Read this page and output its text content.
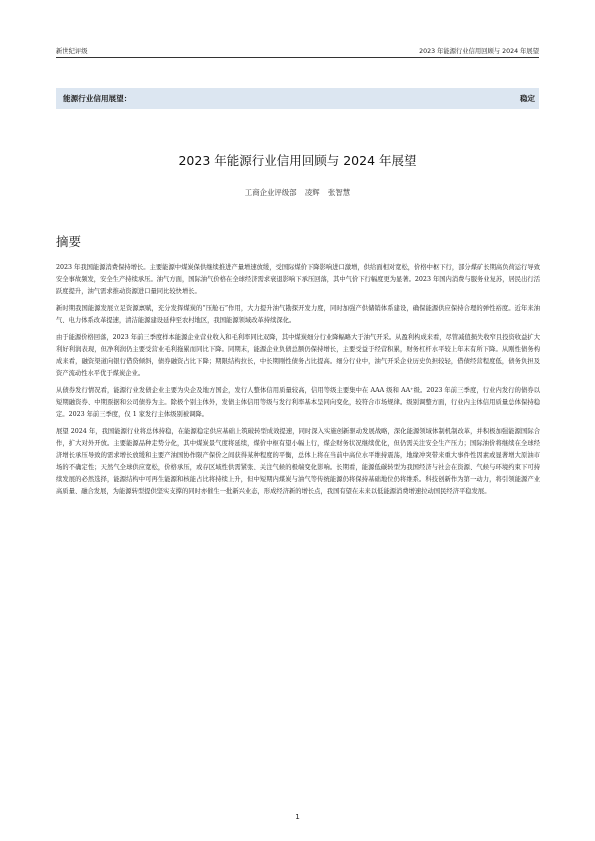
新世纪评级	2023 年能源行业信用回顾与 2024 年展望
能源行业信用展望：	稳定
2023 年能源行业信用回顾与 2024 年展望
工商企业评级部 凌辉 张智慧
摘要

2023 年我国能源消费保持增长。主要能源中煤炭保供继续推进产量增速放缓，受国际煤价下降影响进口激增，供给面相对宽松，价格中枢下行，部分煤矿长期高负荷运行导致安全事故频发，安全生产持续承压。油气方面，国际油气价格在全球经济需求衰退影响下承压回落，其中气价下行幅度更为显著。2023 年国内消费与服务业复苏，居民出行活跃度提升，油气需求推动资源进口量同比较快增长。

新时期我国能源发展立足资源禀赋，充分发挥煤炭的“压舱石”作用，大力提升油气勘探开发力度，同时加强产供储销体系建设，确保能源供应保持合理的弹性裕度。近年来油气、电力体系改革提速，清洁能源建设延伸至农村地区，我国能源领域改革持续深化。

由于能源价格回落，2023 年前三季度样本能源企业营业收入和毛利率同比双降，其中煤炭细分行业降幅略大于油气开采。从盈利构成来看，尽管减值损失收窄且投资收益扩大利好利润表现，但净利润仍主要受营业毛利拖累而同比下降。同期末，能源企业负债总额仍保持增长，主要受益于经营积累，财务杠杆水平较上年末有所下降。从刚性债务构成来看，融资渠道向银行借贷倾斜，债券融资占比下降；期限结构拉长，中长期刚性债务占比提高。细分行业中，油气开采企业历史负担较轻，借债经营程度低，债务负担及资产流动性水平优于煤炭企业。

从债券发行情况看，能源行业发债企业主要为央企及地方国企，发行人整体信用质量较高，信用等级主要集中在 AAA 级和 AA⁺级。2023 年前三季度，行业内发行的债券以短期融资券、中期票据和公司债券为主。除极个别主体外，发债主体信用等级与发行利率基本呈同向变化，较符合市场规律。级别调整方面，行业内主体信用质量总体保持稳定。2023 年前三季度，仅 1 家发行主体级别被调降。

展望 2024 年，我国能源行业将总体持稳，在能源稳定供应基础上筑破转型成效提速，同时深入实施创新驱动发展战略，深化能源领域体制机制改革，并积极加强能源国际合作，扩大对外开放。主要能源品种走势分化，其中煤炭景气度将延续，煤价中枢有望小幅上行，煤企财务状况继续优化，但仍需关注安全生产压力；国际油价将继续在全球经济增长承压导致的需求增长放缓和主要产油国协作限产保价之间获得某种程度的平衡，总体上将在当前中高位水平维持震荡，地缘冲突带来重大事件性因素或显著增大原油市场的不确定性；天然气全球供应宽松，价格承压，或存区域性供需紧张、关注气候的极端变化影响。长期看，能源低碳转型为我国经济与社会在资源、气候与环境约束下可持续发展的必然选择，能源结构中可再生能源和核能占比将持续上升，但中短期内煤炭与油气等传统能源仍将保持基础地位仍将维系。科技创新作为第一动力，将引领能源产业高质量、融合发展，为能源转型提供坚实支撑的同时亦催生一批新兴业态，形成经济新的增长点，我国有望在未来以低能源消费增速拉动国民经济平稳发展。

1
